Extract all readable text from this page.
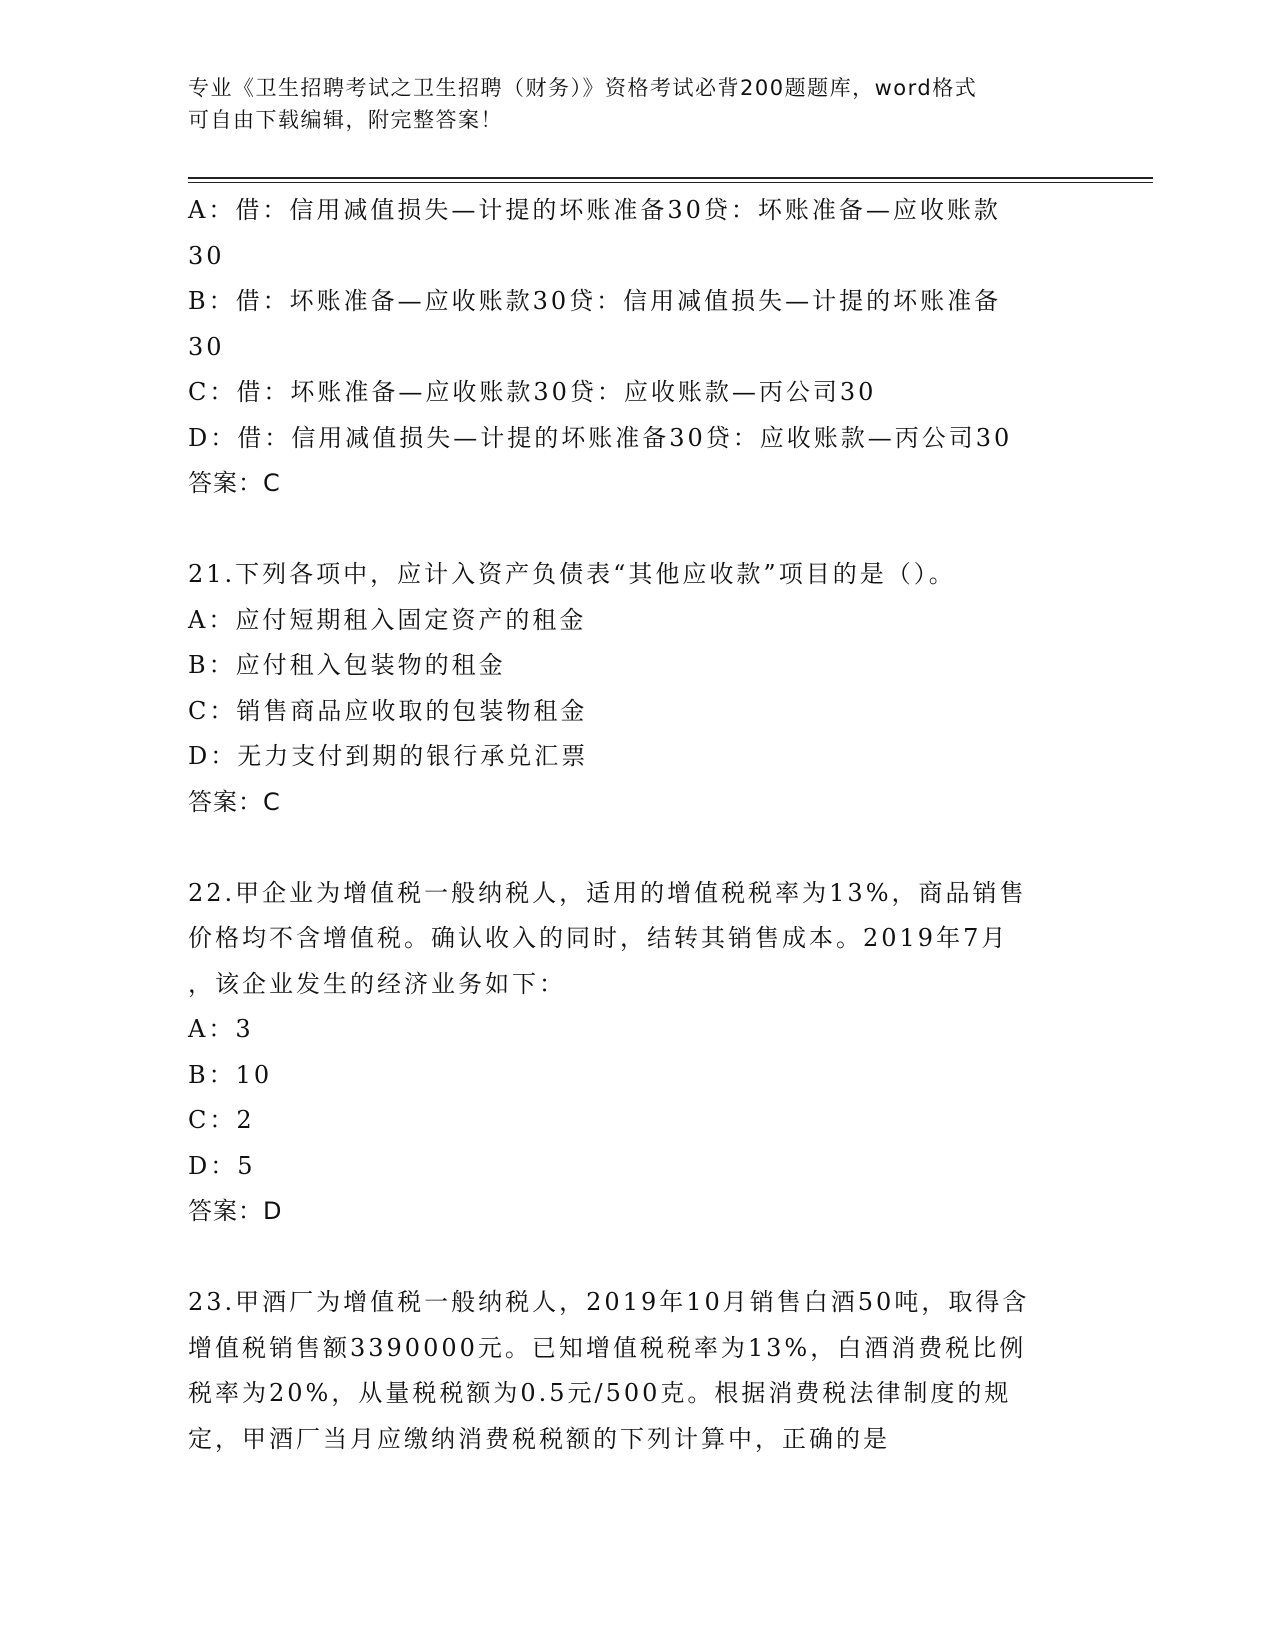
专业《卫生招聘考试之卫生招聘（财务）》资格考试必背200题题库，word格式
可自由下载编辑，附完整答案！
A：借：信用减值损失—计提的坏账准备30贷：坏账准备—应收账款
30
B：借：坏账准备—应收账款30贷：信用减值损失—计提的坏账准备
30
C：借：坏账准备—应收账款30贷：应收账款—丙公司30
D：借：信用减值损失—计提的坏账准备30贷：应收账款—丙公司30
答案：C
21.下列各项中，应计入资产负债表“其他应收款”项目的是（）。
A：应付短期租入固定资产的租金
B：应付租入包装物的租金
C：销售商品应收取的包装物租金
D：无力支付到期的银行承兑汇票
答案：C
22.甲企业为增值税一般纳税人，适用的增值税税率为13%，商品销售
价格均不含增值税。确认收入的同时，结转其销售成本。2019年7月
，该企业发生的经济业务如下：
A：3
B：10
C：2
D：5
答案：D
23.甲酒厂为增值税一般纳税人，2019年10月销售白酒50吨，取得含
增值税销售额3390000元。已知增值税税率为13%，白酒消费税比例
税率为20%，从量税税额为0.5元/500克。根据消费税法律制度的规
定，甲酒厂当月应缴纳消费税税额的下列计算中，正确的是
